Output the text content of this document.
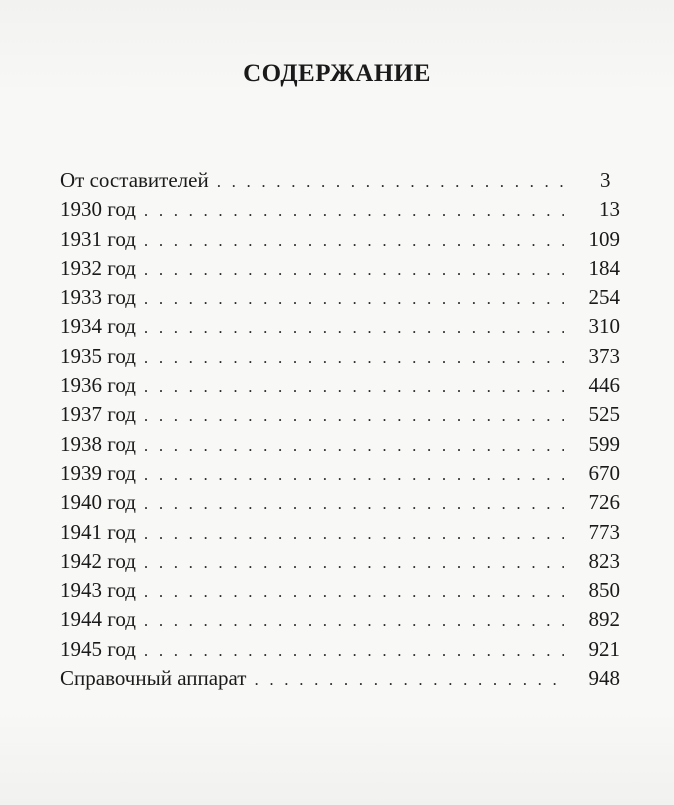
СОДЕРЖАНИЕ
От составителей . . .	3
1930 год . . .	13
1931 год . . .	109
1932 год . . .	184
1933 год . . .	254
1934 год . . .	310
1935 год . . .	373
1936 год . . .	446
1937 год . . .	525
1938 год . . .	599
1939 год . . .	670
1940 год . . .	726
1941 год . . .	773
1942 год . . .	823
1943 год . . .	850
1944 год . . .	892
1945 год . . .	921
Справочный аппарат . . .	948
